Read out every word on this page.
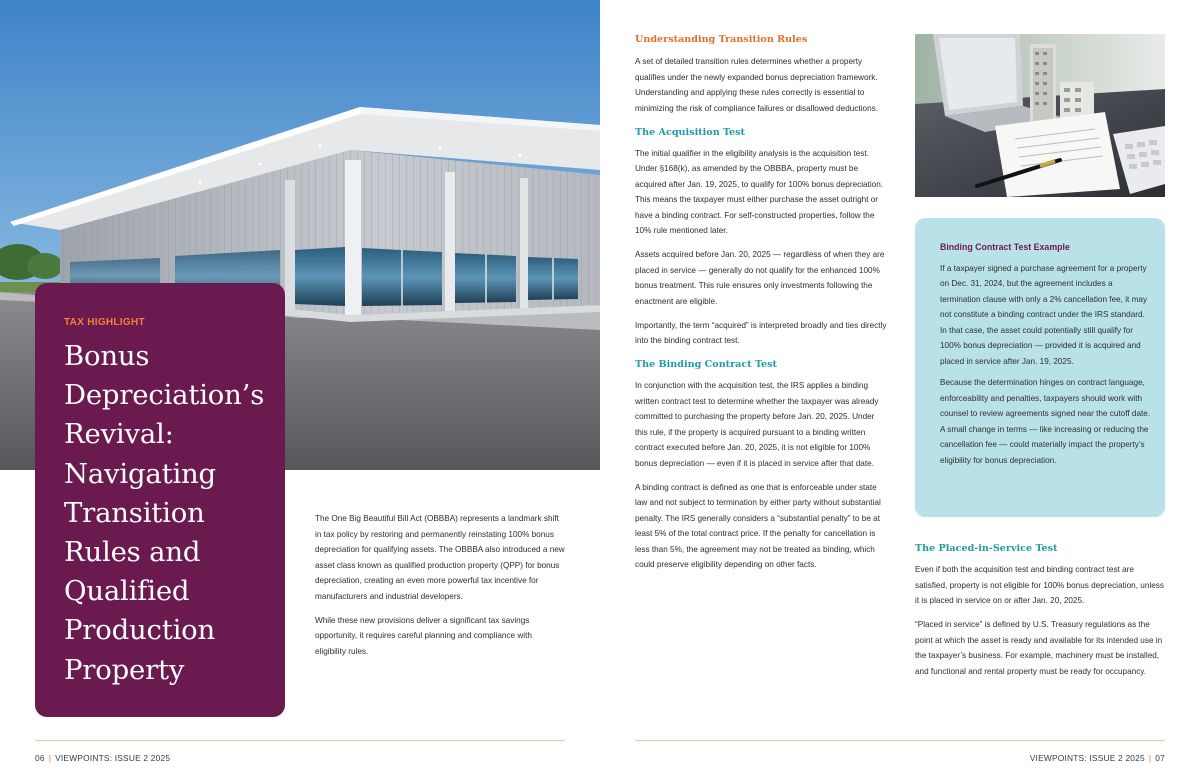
TAX HIGHLIGHT
Bonus
Depreciation’s
Revival:
Navigating
Transition
Rules and
Qualified
Production
Property

The One Big Beautiful Bill Act (OBBBA) represents a landmark shift in tax policy by restoring and permanently reinstating 100% bonus depreciation for qualifying assets. The OBBBA also introduced a new asset class known as qualified production property (QPP) for bonus depreciation, creating an even more powerful tax incentive for manufacturers and industrial developers.

While these new provisions deliver a significant tax savings opportunity, it requires careful planning and compliance with eligibility rules.

06 | VIEWPOINTS: ISSUE 2 2025
Understanding Transition Rules

A set of detailed transition rules determines whether a property qualifies under the newly expanded bonus depreciation framework. Understanding and applying these rules correctly is essential to minimizing the risk of compliance failures or disallowed deductions.

The Acquisition Test

The initial qualifier in the eligibility analysis is the acquisition test. Under §168(k), as amended by the OBBBA, property must be acquired after Jan. 19, 2025, to qualify for 100% bonus depreciation. This means the taxpayer must either purchase the asset outright or have a binding contract. For self-constructed properties, follow the 10% rule mentioned later.

Assets acquired before Jan. 20, 2025 — regardless of when they are placed in service — generally do not qualify for the enhanced 100% bonus treatment. This rule ensures only investments following the enactment are eligible.

Importantly, the term “acquired” is interpreted broadly and ties directly into the binding contract test.

The Binding Contract Test

In conjunction with the acquisition test, the IRS applies a binding written contract test to determine whether the taxpayer was already committed to purchasing the property before Jan. 20, 2025. Under this rule, if the property is acquired pursuant to a binding written contract executed before Jan. 20, 2025, it is not eligible for 100% bonus depreciation — even if it is placed in service after that date.

A binding contract is defined as one that is enforceable under state law and not subject to termination by either party without substantial penalty. The IRS generally considers a “substantial penalty” to be at least 5% of the total contract price. If the penalty for cancellation is less than 5%, the agreement may not be treated as binding, which could preserve eligibility depending on other facts.

Binding Contract Test Example

If a taxpayer signed a purchase agreement for a property on Dec. 31, 2024, but the agreement includes a termination clause with only a 2% cancellation fee, it may not constitute a binding contract under the IRS standard. In that case, the asset could potentially still qualify for 100% bonus depreciation — provided it is acquired and placed in service after Jan. 19, 2025.

Because the determination hinges on contract language, enforceability and penalties, taxpayers should work with counsel to review agreements signed near the cutoff date. A small change in terms — like increasing or reducing the cancellation fee — could materially impact the property’s eligibility for bonus depreciation.

The Placed-in-Service Test

Even if both the acquisition test and binding contract test are satisfied, property is not eligible for 100% bonus depreciation, unless it is placed in service on or after Jan. 20, 2025.

“Placed in service” is defined by U.S. Treasury regulations as the point at which the asset is ready and available for its intended use in the taxpayer’s business. For example, machinery must be installed, and functional and rental property must be ready for occupancy.

VIEWPOINTS: ISSUE 2 2025 | 07
